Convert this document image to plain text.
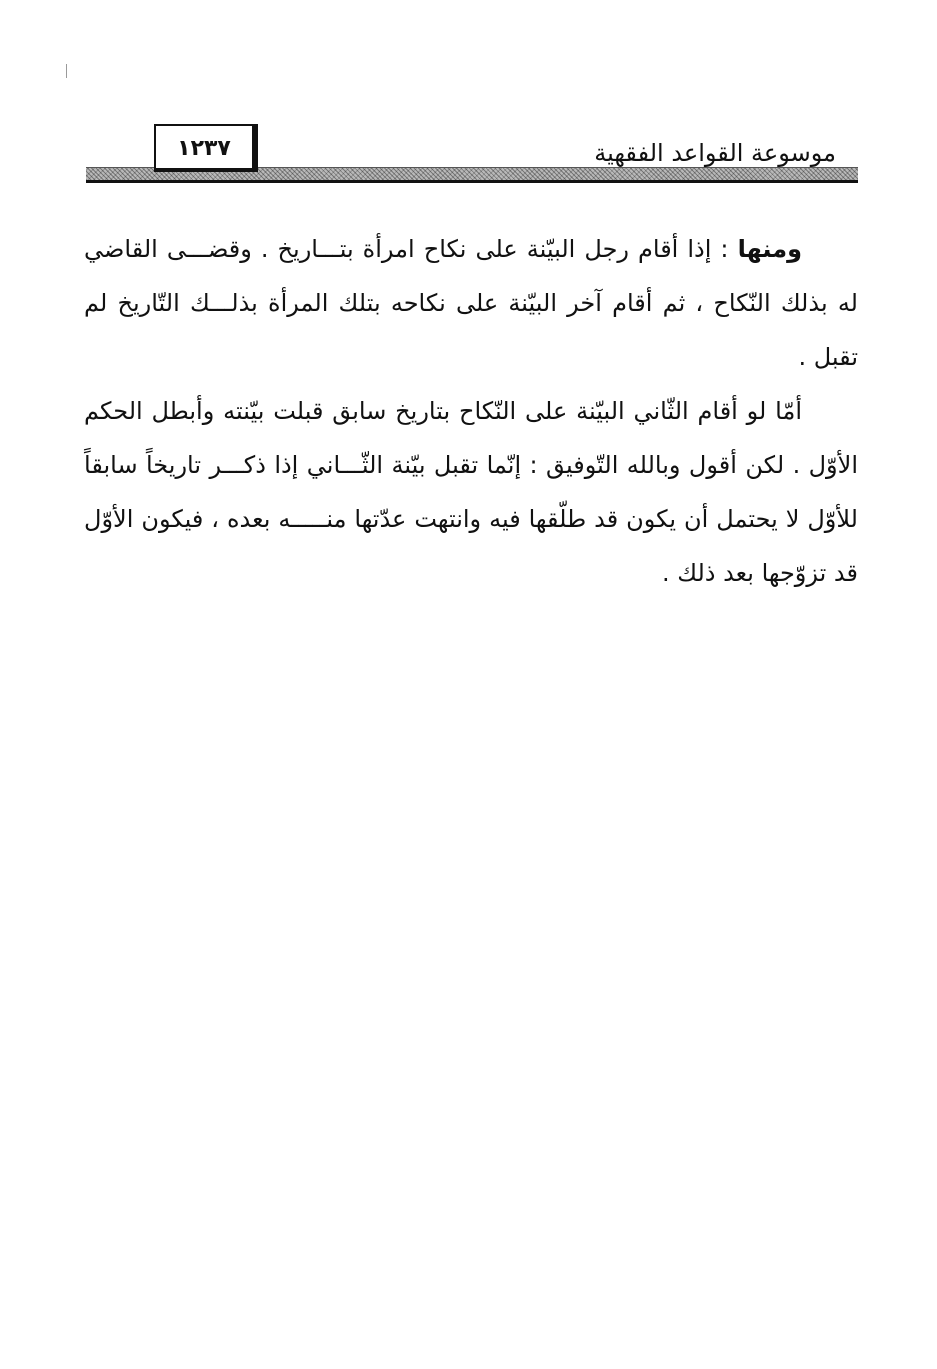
موسوعة القواعد الفقهية
١٢٣٧

ومنها : إذا أقام رجل البيّنة على نكاح امرأة بتـــاريخ . وقضـــى القاضي له بذلك النّكاح ، ثم أقام آخر البيّنة على نكاحه بتلك المرأة بذلـــك التّاريخ لم تقبل .

أمّا لو أقام الثّاني البيّنة على النّكاح بتاريخ سابق قبلت بيّنته وأبطل الحكم الأوّل . لكن أقول وبالله التّوفيق : إنّما تقبل بيّنة الثّـــاني إذا ذكـــر تاريخاً سابقاً للأوّل لا يحتمل أن يكون قد طلّقها فيه وانتهت عدّتها منـــــه بعده ، فيكون الأوّل قد تزوّجها بعد ذلك .
